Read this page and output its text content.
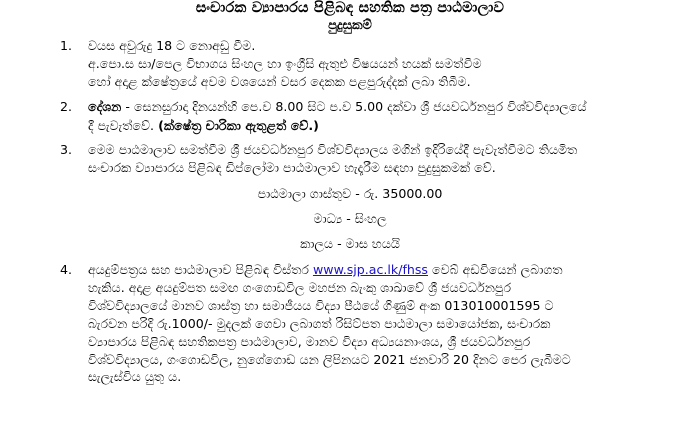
සංචාරක ව්‍යාපාරය පිළිබඳ සහතික පත්‍ර පාඨමාලාව
පුදුසුකම්
1.	වයස අවුරුදු 18 ට නොඅඩු වීම.
අ.පො.ස සා/පෙල විභාගය සිංහල හා ඉංග්‍රීසි ඇතුළු විෂයයන් හයක් සමත්වීම
හෝ අදාළ ක්ෂේත්‍රයේ අවම වශයෙන් වසර දෙකක පළපුරුද්දක් ලබා තිබීම.
2.	දේශන - සෙනසුරාදා දිනයන්හි පෙ.ව 8.00 සිට ප.ව 5.00 දක්වා ශ්‍රී ජයවර්ධනපුර විශ්වවිද්‍යාලයේ
දී පැවැත්වේ. (ක්ෂේත්‍ර චාරිකා ඇතුළත් වේ.)
3.	මෙම පාඨමාලාව සමත්වීම ශ්‍රී ජයවර්ධනපුර විශ්වවිද්‍යාලය මගින් ඉදිරියේදී පැවැත්වීමට තියමිත
සංචාරක ව්‍යාපාරය පිළිබඳ ඩිප්ලෝමා පාඨමාලාව හැදෑරීම සඳහා පුදුසුකමක් වේ.
පාඨමාලා ගාස්තුව - රු. 35000.00
මාධ්‍ය - සිංහල
කාලය - මාස හයයි
4.	අයදුම්පත්‍රය සහ පාඨමාලාව පිළිබඳ විස්තර www.sjp.ac.lk/fhss වෙබ් අඩවියෙන් ලබාගත
හැකිය. අදාළ අයදුම්පත සමඟ ගංගොඩවිල මහජන බැංකු ශාඛාවේ ශ්‍රී ජයවර්ධනපුර
විශ්වවිද්‍යාලයේ මානව ශාස්ත්‍ර හා සමාජීයය විද්‍යා පීඨයේ ගිණුම් අංක 013010001595 ට
බැරවන පරිදි රු.1000/- මුදලක් ගෙවා ලබාගත් රිසිට්පත පාඨමාලා සමායෝජක, සංචාරක
ව්‍යාපාරය පිළිබඳ සහතිකපත්‍ර පාඨමාලාව, මානව විද්‍යා අධ්‍යයනාංශය, ශ්‍රී ජයවර්ධනපුර
විශ්වවිද්‍යාලය, ගංගොඩවිල, නුගේගොඩ යන ලිපිනයට 2021 ජනවාරි 20 දිනට පෙර ලැබීමට
සැලැස්විය යුතු ය.
